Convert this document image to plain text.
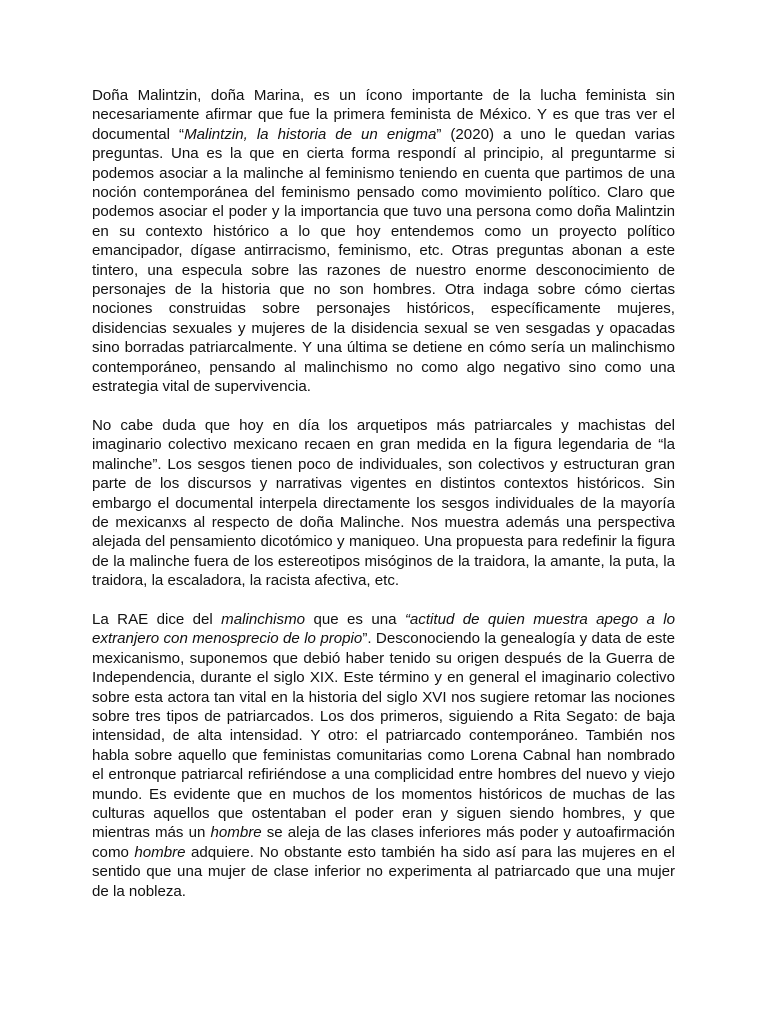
Doña Malintzin, doña Marina, es un ícono importante de la lucha feminista sin necesariamente afirmar que fue la primera feminista de México. Y es que tras ver el documental “Malintzin, la historia de un enigma” (2020) a uno le quedan varias preguntas. Una es la que en cierta forma respondí al principio, al preguntarme si podemos asociar a la malinche al feminismo teniendo en cuenta que partimos de una noción contemporánea del feminismo pensado como movimiento político. Claro que podemos asociar el poder y la importancia que tuvo una persona como doña Malintzin en su contexto histórico a lo que hoy entendemos como un proyecto político emancipador, dígase antirracismo, feminismo, etc. Otras preguntas abonan a este tintero, una especula sobre las razones de nuestro enorme desconocimiento de personajes de la historia que no son hombres. Otra indaga sobre cómo ciertas nociones construidas sobre personajes históricos, específicamente mujeres, disidencias sexuales y mujeres de la disidencia sexual se ven sesgadas y opacadas sino borradas patriarcalmente. Y una última se detiene en cómo sería un malinchismo contemporáneo, pensando al malinchismo no como algo negativo sino como una estrategia vital de supervivencia.

No cabe duda que hoy en día los arquetipos más patriarcales y machistas del imaginario colectivo mexicano recaen en gran medida en la figura legendaria de “la malinche”. Los sesgos tienen poco de individuales, son colectivos y estructuran gran parte de los discursos y narrativas vigentes en distintos contextos históricos. Sin embargo el documental interpela directamente los sesgos individuales de la mayoría de mexicanxs al respecto de doña Malinche. Nos muestra además una perspectiva alejada del pensamiento dicotómico y maniqueo. Una propuesta para redefinir la figura de la malinche fuera de los estereotipos misóginos de la traidora, la amante, la puta, la traidora, la escaladora, la racista afectiva, etc.

La RAE dice del malinchismo que es una “actitud de quien muestra apego a lo extranjero con menosprecio de lo propio”. Desconociendo la genealogía y data de este mexicanismo, suponemos que debió haber tenido su origen después de la Guerra de Independencia, durante el siglo XIX. Este término y en general el imaginario colectivo sobre esta actora tan vital en la historia del siglo XVI nos sugiere retomar las nociones sobre tres tipos de patriarcados. Los dos primeros, siguiendo a Rita Segato: de baja intensidad, de alta intensidad. Y otro: el patriarcado contemporáneo. También nos habla sobre aquello que feministas comunitarias como Lorena Cabnal han nombrado el entronque patriarcal refiriéndose a una complicidad entre hombres del nuevo y viejo mundo. Es evidente que en muchos de los momentos históricos de muchas de las culturas aquellos que ostentaban el poder eran y siguen siendo hombres, y que mientras más un hombre se aleja de las clases inferiores más poder y autoafirmación como hombre adquiere. No obstante esto también ha sido así para las mujeres en el sentido que una mujer de clase inferior no experimenta al patriarcado que una mujer de la nobleza.
